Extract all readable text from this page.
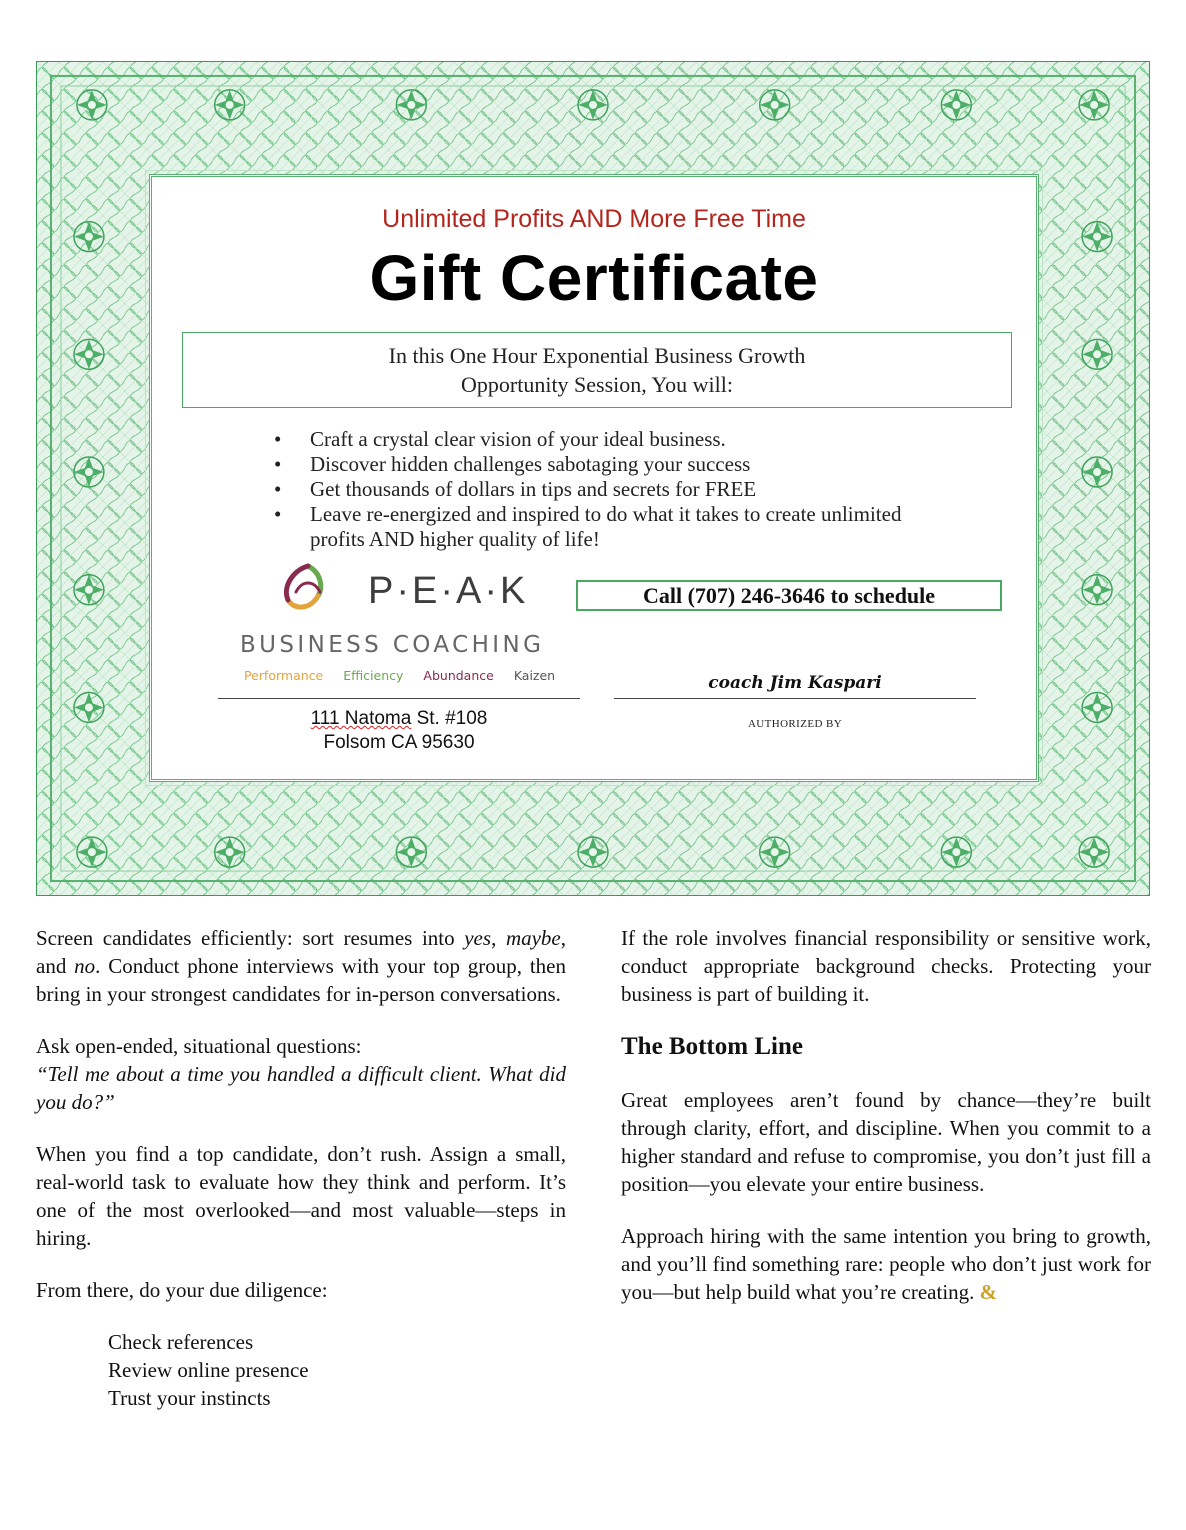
Unlimited Profits AND More Free Time
Gift Certificate
In this One Hour Exponential Business Growth
Opportunity Session, You will:
• Craft a crystal clear vision of your ideal business.
• Discover hidden challenges sabotaging your success
• Get thousands of dollars in tips and secrets for FREE
• Leave re-energized and inspired to do what it takes to create unlimited profits AND higher quality of life!
P·E·A·K
BUSINESS COACHING
Performance Efficiency Abundance Kaizen
Call (707) 246-3646 to schedule
111 Natoma St. #108
Folsom CA 95630
coach Jim Kaspari
AUTHORIZED BY

Screen candidates efficiently: sort resumes into yes, maybe, and no. Conduct phone interviews with your top group, then bring in your strongest candidates for in-person conversations.

Ask open-ended, situational questions:
“Tell me about a time you handled a difficult client. What did you do?”

When you find a top candidate, don’t rush. Assign a small, real-world task to evaluate how they think and perform. It’s one of the most overlooked—and most valuable—steps in hiring.

From there, do your due diligence:

Check references
Review online presence
Trust your instincts

If the role involves financial responsibility or sensitive work, conduct appropriate background checks. Protecting your business is part of building it.

The Bottom Line

Great employees aren’t found by chance—they’re built through clarity, effort, and discipline. When you commit to a higher standard and refuse to compromise, you don’t just fill a position—you elevate your entire business.

Approach hiring with the same intention you bring to growth, and you’ll find something rare: people who don’t just work for you—but help build what you’re creating. &
